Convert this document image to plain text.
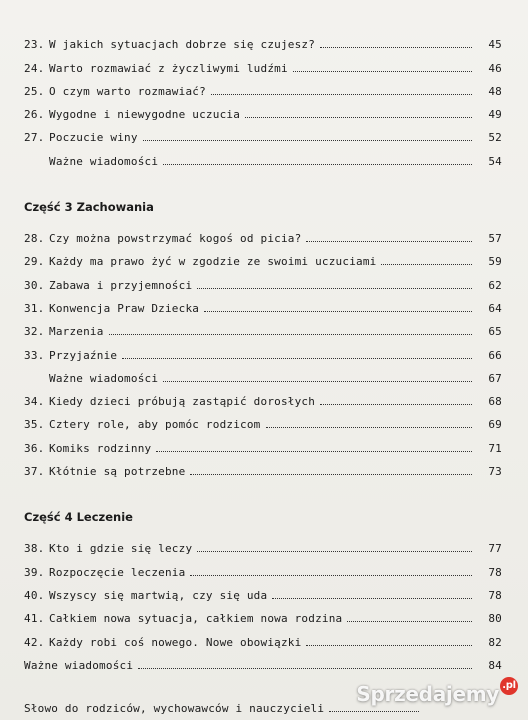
23. W jakich sytuacjach dobrze się czujesz?	45
24. Warto rozmawiać z życzliwymi ludźmi	46
25. O czym warto rozmawiać?	48
26. Wygodne i niewygodne uczucia	49
27. Poczucie winy	52
Ważne wiadomości	54
Część 3 Zachowania
28. Czy można powstrzymać kogoś od picia?	57
29. Każdy ma prawo żyć w zgodzie ze swoimi uczuciami	59
30. Zabawa i przyjemności	62
31. Konwencja Praw Dziecka	64
32. Marzenia	65
33. Przyjaźnie	66
Ważne wiadomości	67
34. Kiedy dzieci próbują zastąpić dorosłych	68
35. Cztery role, aby pomóc rodzicom	69
36. Komiks rodzinny	71
37. Kłótnie są potrzebne	73
Część 4 Leczenie
38. Kto i gdzie się leczy	77
39. Rozpoczęcie leczenia	78
40. Wszyscy się martwią, czy się uda	78
41. Całkiem nowa sytuacja, całkiem nowa rodzina	80
42. Każdy robi coś nowego. Nowe obowiązki	82
Ważne wiadomości	84
Słowo do rodziców, wychowawców i nauczycieli
Sprzedajemy .pl
